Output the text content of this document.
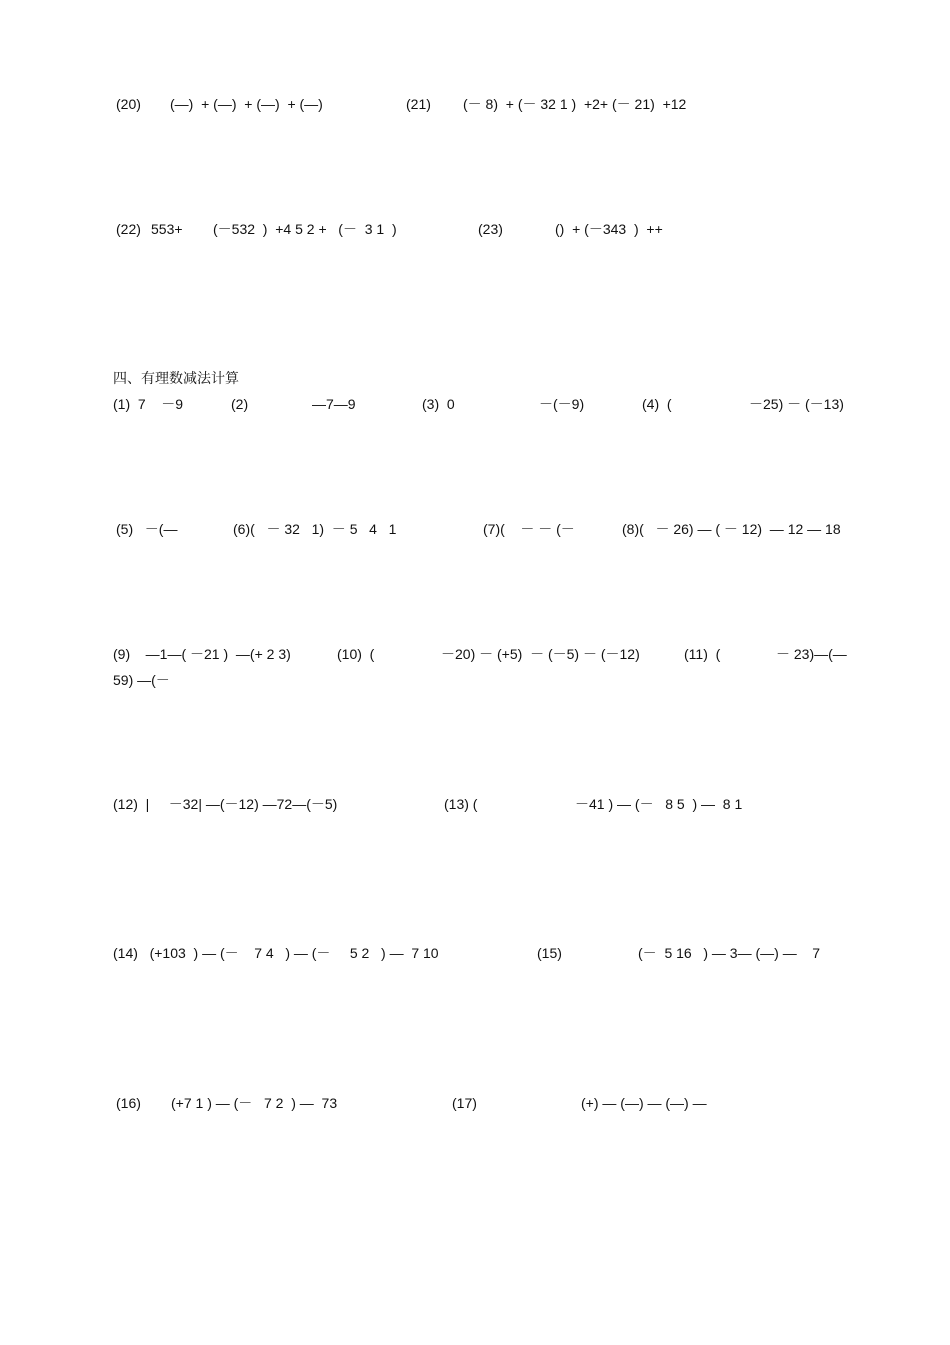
(20) (—)  + (—)  + (—)  + (—)	(21) (－ 8)  + (－ 32 1 )  +2+ (－ 21)  +12
(22) 553+ (－532  )  +4 5 2 +   (－  3 1  )	(23)	()  + (－343  )  ++
四、有理数减法计算
(1)  7    －9	(2)	—7—9	(3)  0	－(－9)	(4)  (	－25) － (－13)
(5)   －(—	(6)(   － 32   1)  － 5   4   1	(7)(    － － (－	(8)(   － 26) — ( － 12)  — 12 — 18
(9)    —1—( －21 )  —(+ 2 3)	(10)  (	－20) － (+5)  － (－5) － (－12)	(11)  (	－ 23)—(—
59) —(－
(12)  |     －32| —(－12) —72—(－5)	(13) (	－41 ) — (－   8 5  ) —  8 1
(14)   (+103  ) — (－    7 4   ) — (－     5 2   ) —  7 10	(15)	(－  5 16   ) — 3— (—) —    7
(16) (+7 1 ) — (－   7 2  ) —  73	(17)	(+) — (—) — (—) —
